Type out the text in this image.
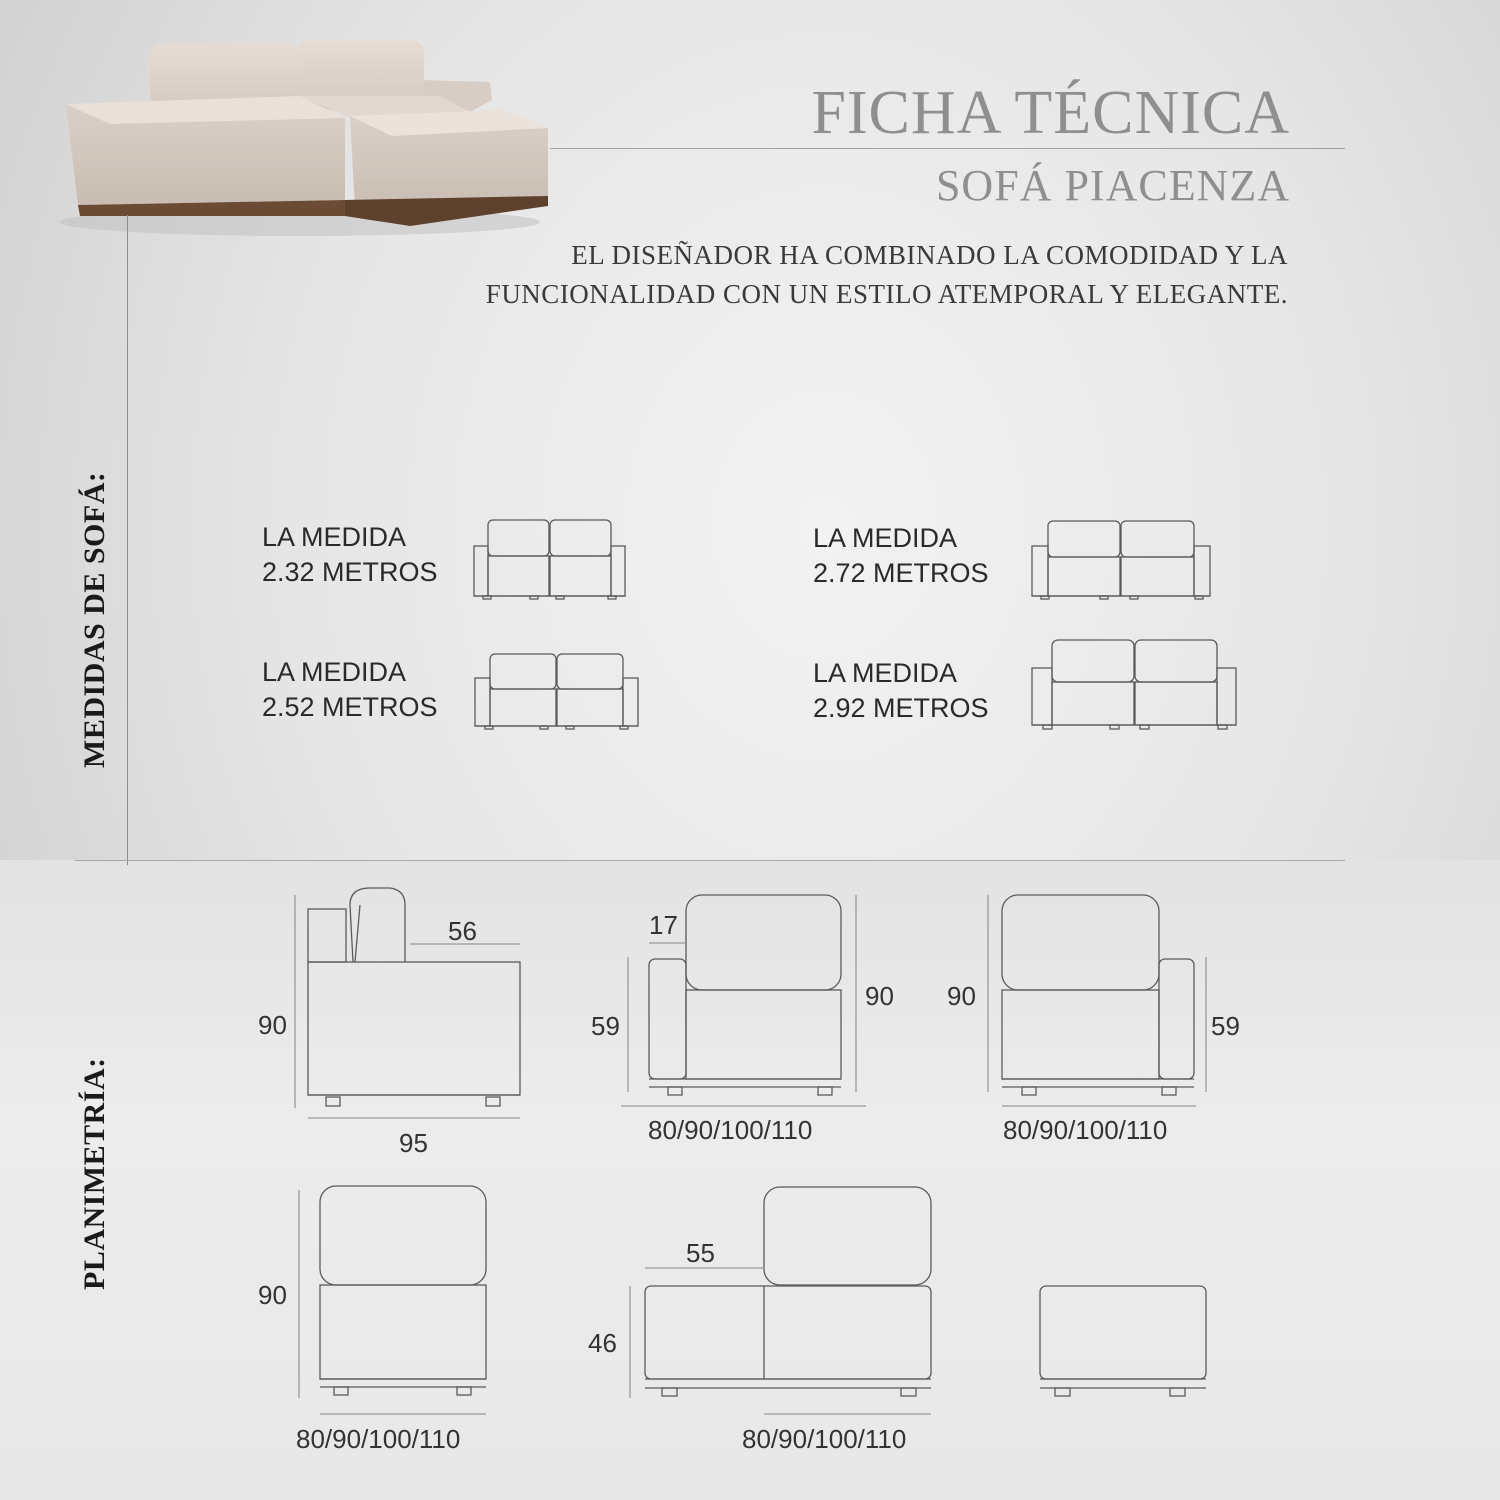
FICHA TÉCNICA
SOFÁ PIACENZA

EL DISEÑADOR HA COMBINADO LA COMODIDAD Y LA
FUNCIONALIDAD CON UN ESTILO ATEMPORAL Y ELEGANTE.

MEDIDAS DE SOFÁ:
PLANIMETRÍA:
LA MEDIDA
2.32 METROS
LA MEDIDA
2.72 METROS
LA MEDIDA
2.52 METROS
LA MEDIDA
2.92 METROS
56
90
95
17
59
90
80/90/100/110
90
59
80/90/100/110
90
80/90/100/110
55
46
80/90/100/110
